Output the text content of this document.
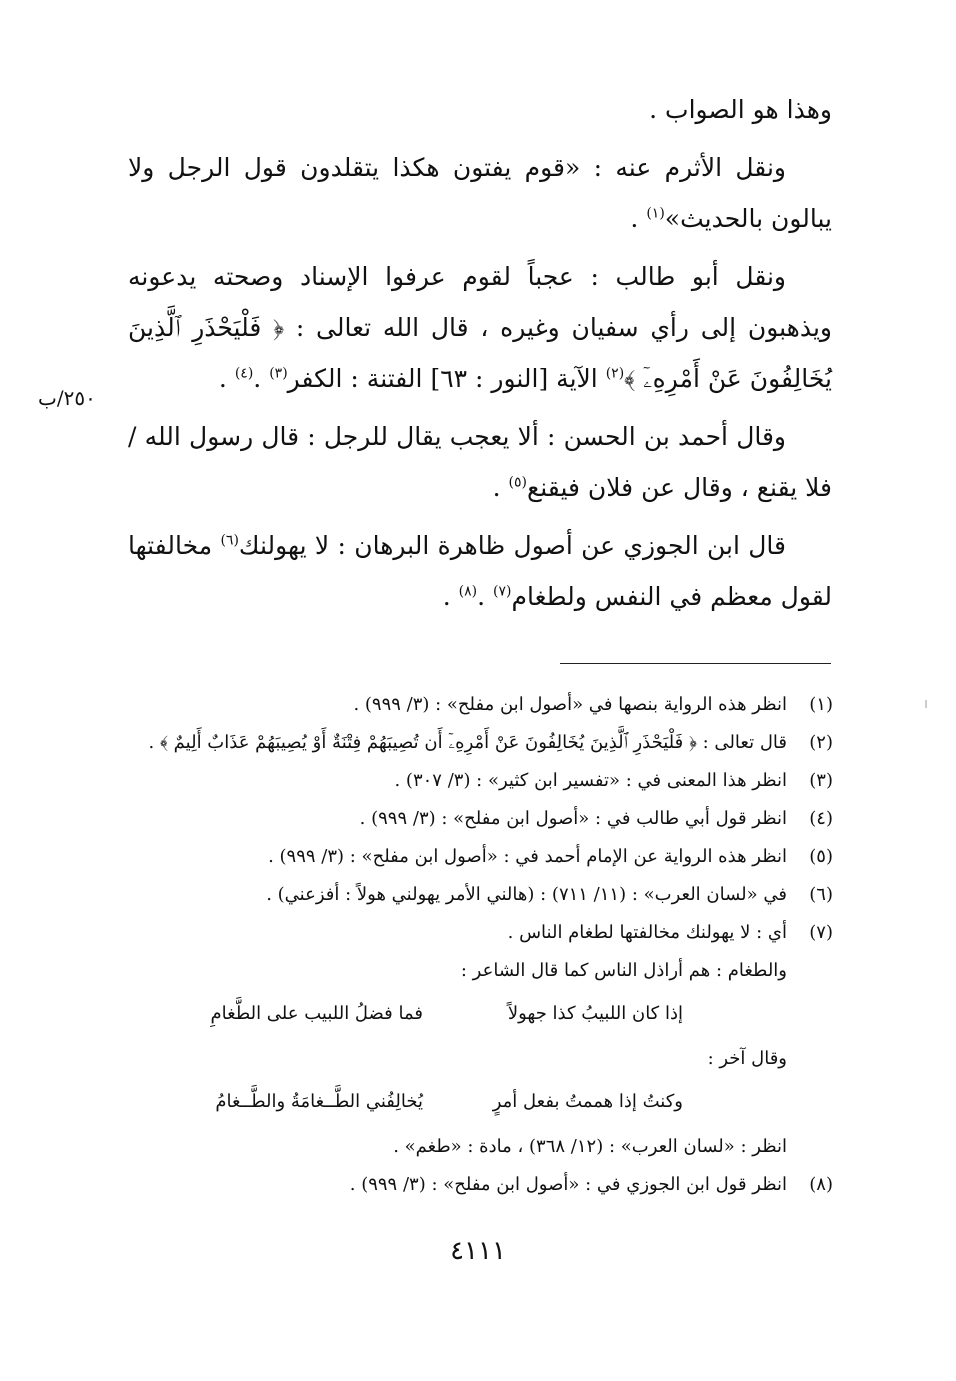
وهذا هو الصواب .

ونقل الأثرم عنه : «قوم يفتون هكذا يتقلدون قول الرجل ولا يبالون بالحديث»$^{(١)}$ .

ونقل أبو طالب : عجباً لقوم عرفوا الإسناد وصحته يدعونه ويذهبون إلى رأي سفيان وغيره ، قال الله تعالى : ﴿ فَلْيَحْذَرِ ٱلَّذِينَ يُخَالِفُونَ عَنْ أَمْرِهِۦٓ ﴾$^{(٢)}$ الآية [النور : ٦٣] الفتنة : الكفر$^{(٣)}$ .$^{(٤)}$ .

وقال أحمد بن الحسن : ألا يعجب يقال للرجل : قال رسول الله / فلا يقنع ، وقال عن فلان فيقنع$^{(٥)}$ .

قال ابن الجوزي عن أصول ظاهرة البرهان : لا يهولنك$^{(٦)}$ مخالفتها لقول معظم في النفس ولطغام$^{(٧)}$ .$^{(٨)}$ .

٢٥٠/ب
(١)
انظر هذه الرواية بنصها في «أصول ابن مفلح» : (٣/ ٩٩٩) .
(٢)
قال تعالى : ﴿ فَلْيَحْذَرِ ٱلَّذِينَ يُخَالِفُونَ عَنْ أَمْرِهِۦٓ أَن تُصِيبَهُمْ فِتْنَةٌ أَوْ يُصِيبَهُمْ عَذَابٌ أَلِيمٌ ﴾ .
(٣)
انظر هذا المعنى في : «تفسير ابن كثير» : (٣/ ٣٠٧) .
(٤)
انظر قول أبي طالب في : «أصول ابن مفلح» : (٣/ ٩٩٩) .
(٥)
انظر هذه الرواية عن الإمام أحمد في : «أصول ابن مفلح» : (٣/ ٩٩٩) .
(٦)
في «لسان العرب» : (١١/ ٧١١) : (هالني الأمر يهولني هولاً : أفزعني) .
(٧)
أي : لا يهولنك مخالفتها لطغام الناس .
والطغام : هم أراذل الناس كما قال الشاعر :
إذا كان اللبيبُ كذا جهولاً
فما فضلُ اللبيب على الطَّغامِ
وقال آخر :
وكنتُ إذا هممتُ بفعل أمرٍ
يُخالِفُني الطَّــغامَةُ والطَّــغامُ
انظر : «لسان العرب» : (١٢/ ٣٦٨) ، مادة : «طغم» .
(٨)
انظر قول ابن الجوزي في : «أصول ابن مفلح» : (٣/ ٩٩٩) .
٤١١١
